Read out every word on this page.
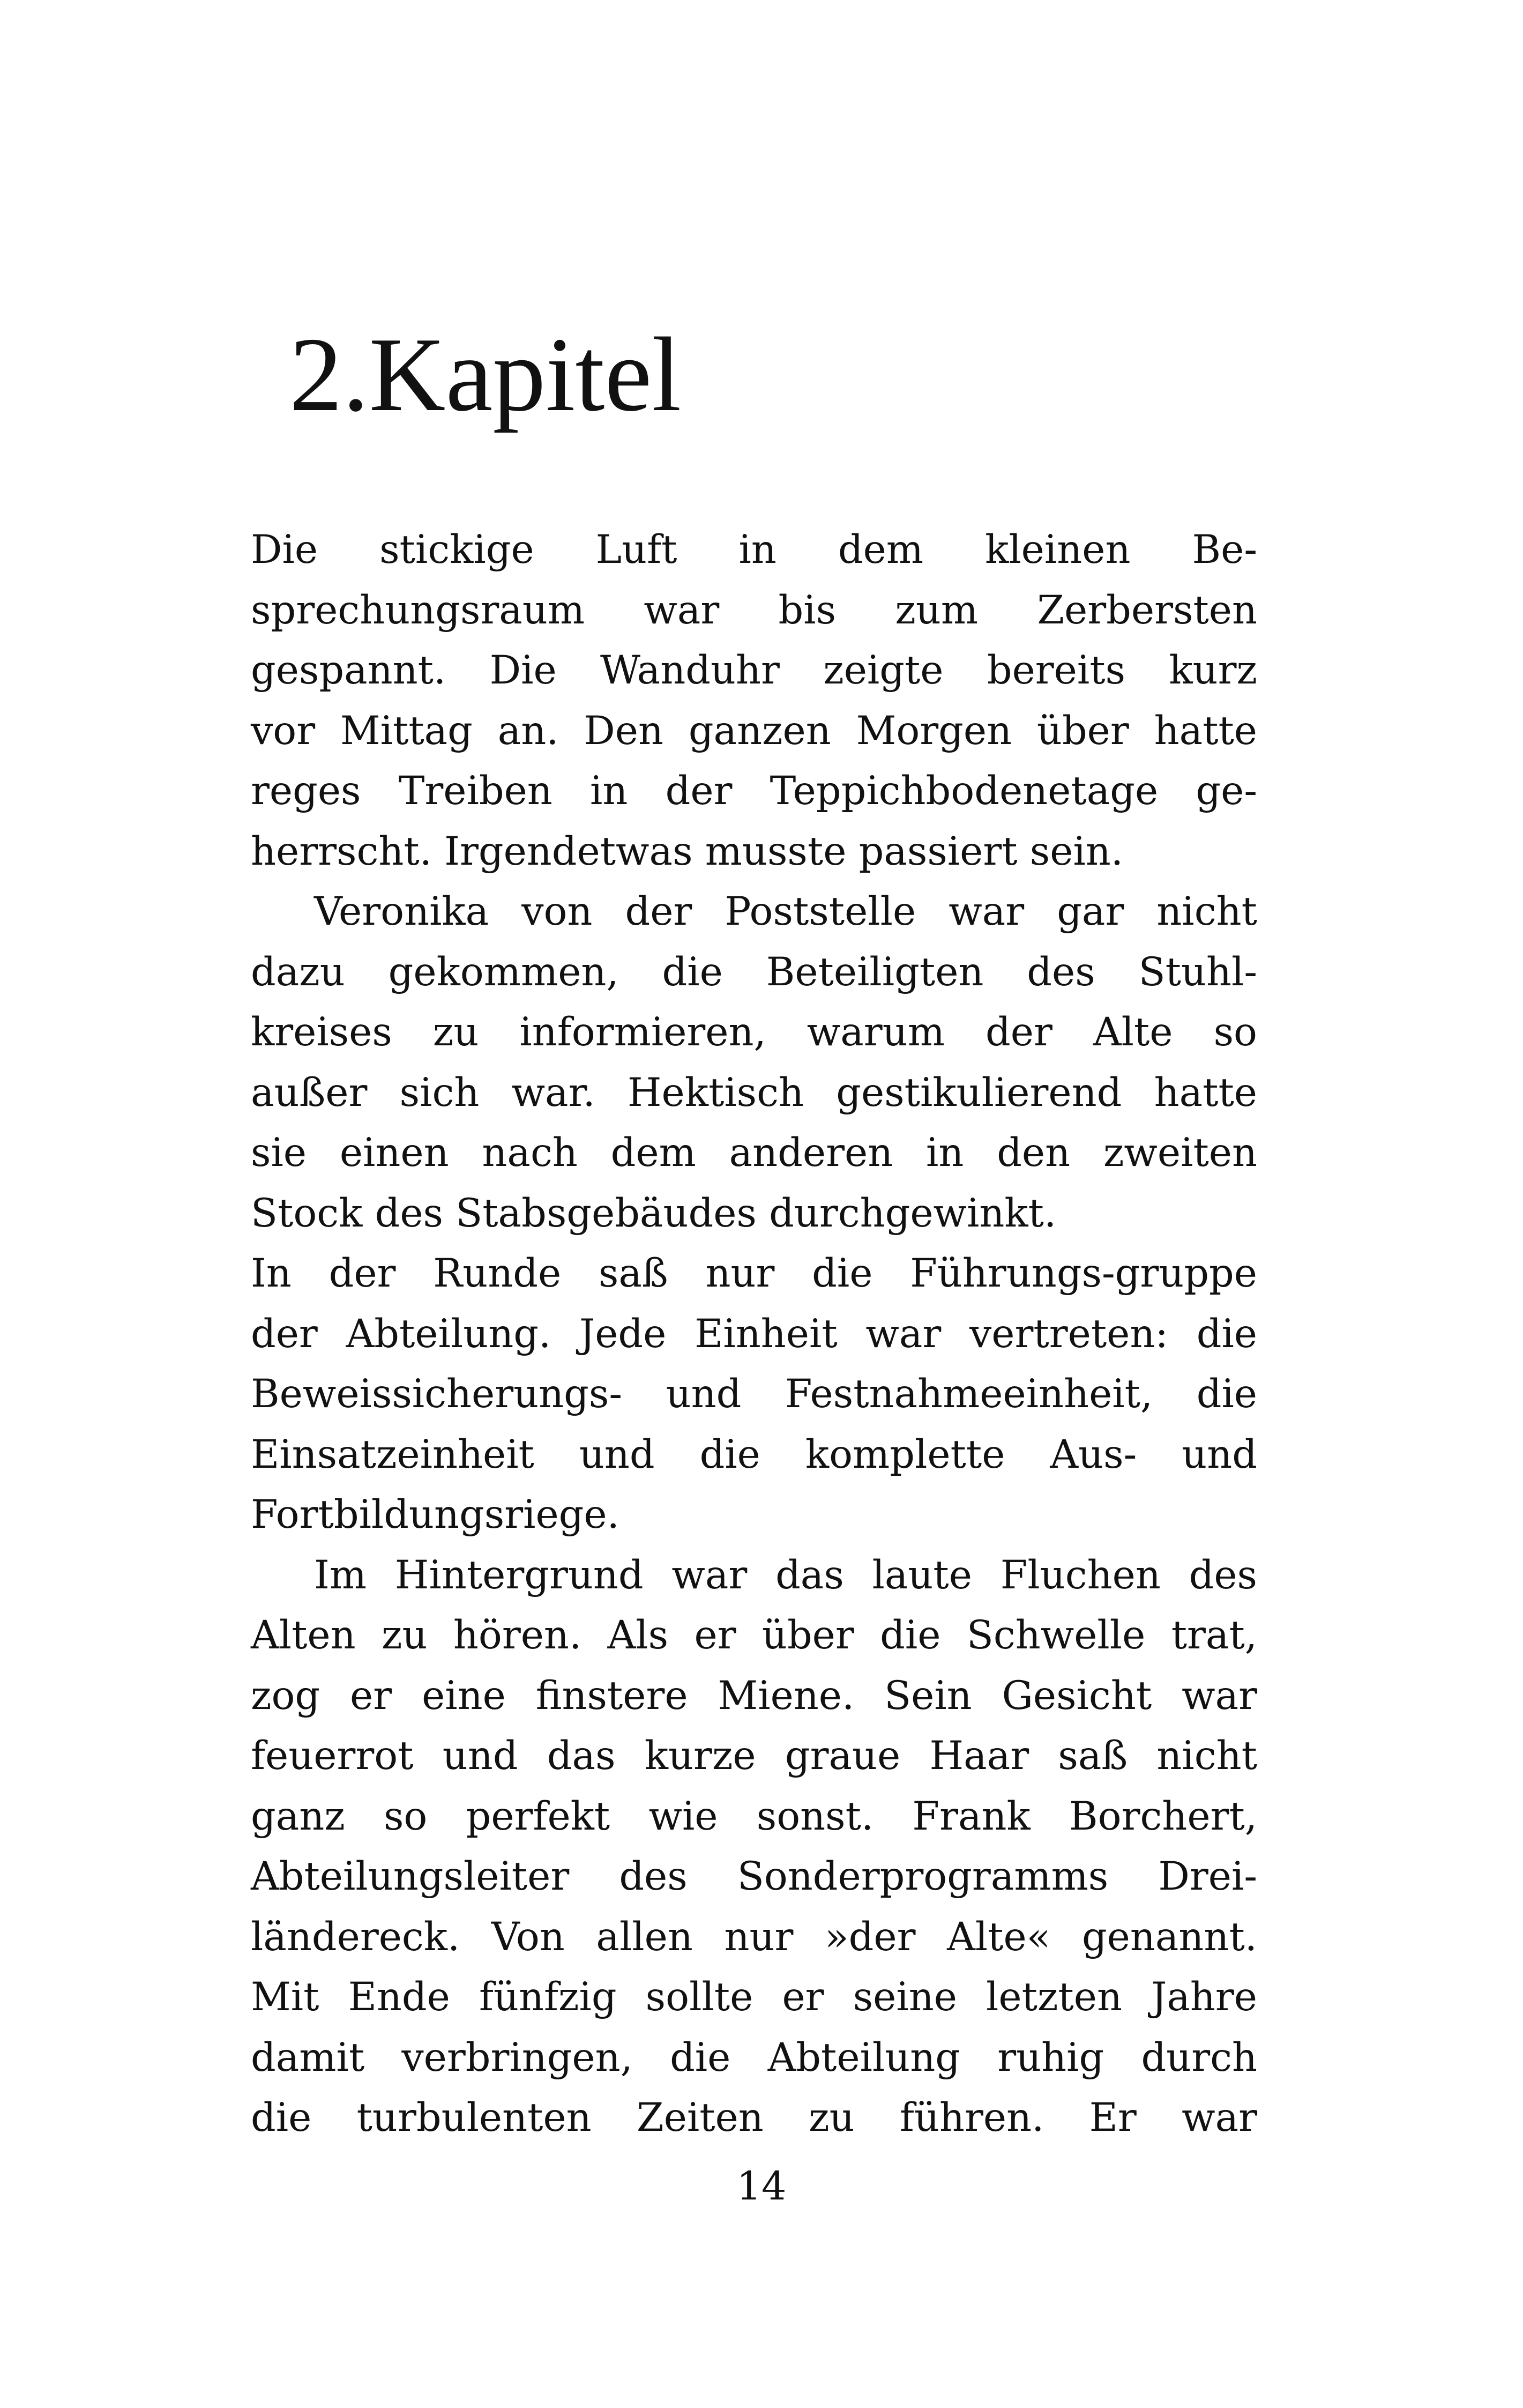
2.Kapitel
Die stickige Luft in dem kleinen Be-
sprechungsraum war bis zum Zerbersten
gespannt. Die Wanduhr zeigte bereits kurz
vor Mittag an. Den ganzen Morgen über hatte
reges Treiben in der Teppichbodenetage ge-
herrscht. Irgendetwas musste passiert sein.
Veronika von der Poststelle war gar nicht
dazu gekommen, die Beteiligten des Stuhl-
kreises zu informieren, warum der Alte so
außer sich war. Hektisch gestikulierend hatte
sie einen nach dem anderen in den zweiten
Stock des Stabsgebäudes durchgewinkt.
In der Runde saß nur die Führungs-gruppe
der Abteilung. Jede Einheit war vertreten: die
Beweissicherungs- und Festnahmeeinheit, die
Einsatzeinheit und die komplette Aus- und
Fortbildungsriege.
Im Hintergrund war das laute Fluchen des
Alten zu hören. Als er über die Schwelle trat,
zog er eine finstere Miene. Sein Gesicht war
feuerrot und das kurze graue Haar saß nicht
ganz so perfekt wie sonst. Frank Borchert,
Abteilungsleiter des Sonderprogramms Drei-
ländereck. Von allen nur »der Alte« genannt.
Mit Ende fünfzig sollte er seine letzten Jahre
damit verbringen, die Abteilung ruhig durch
die turbulenten Zeiten zu führen. Er war
14
